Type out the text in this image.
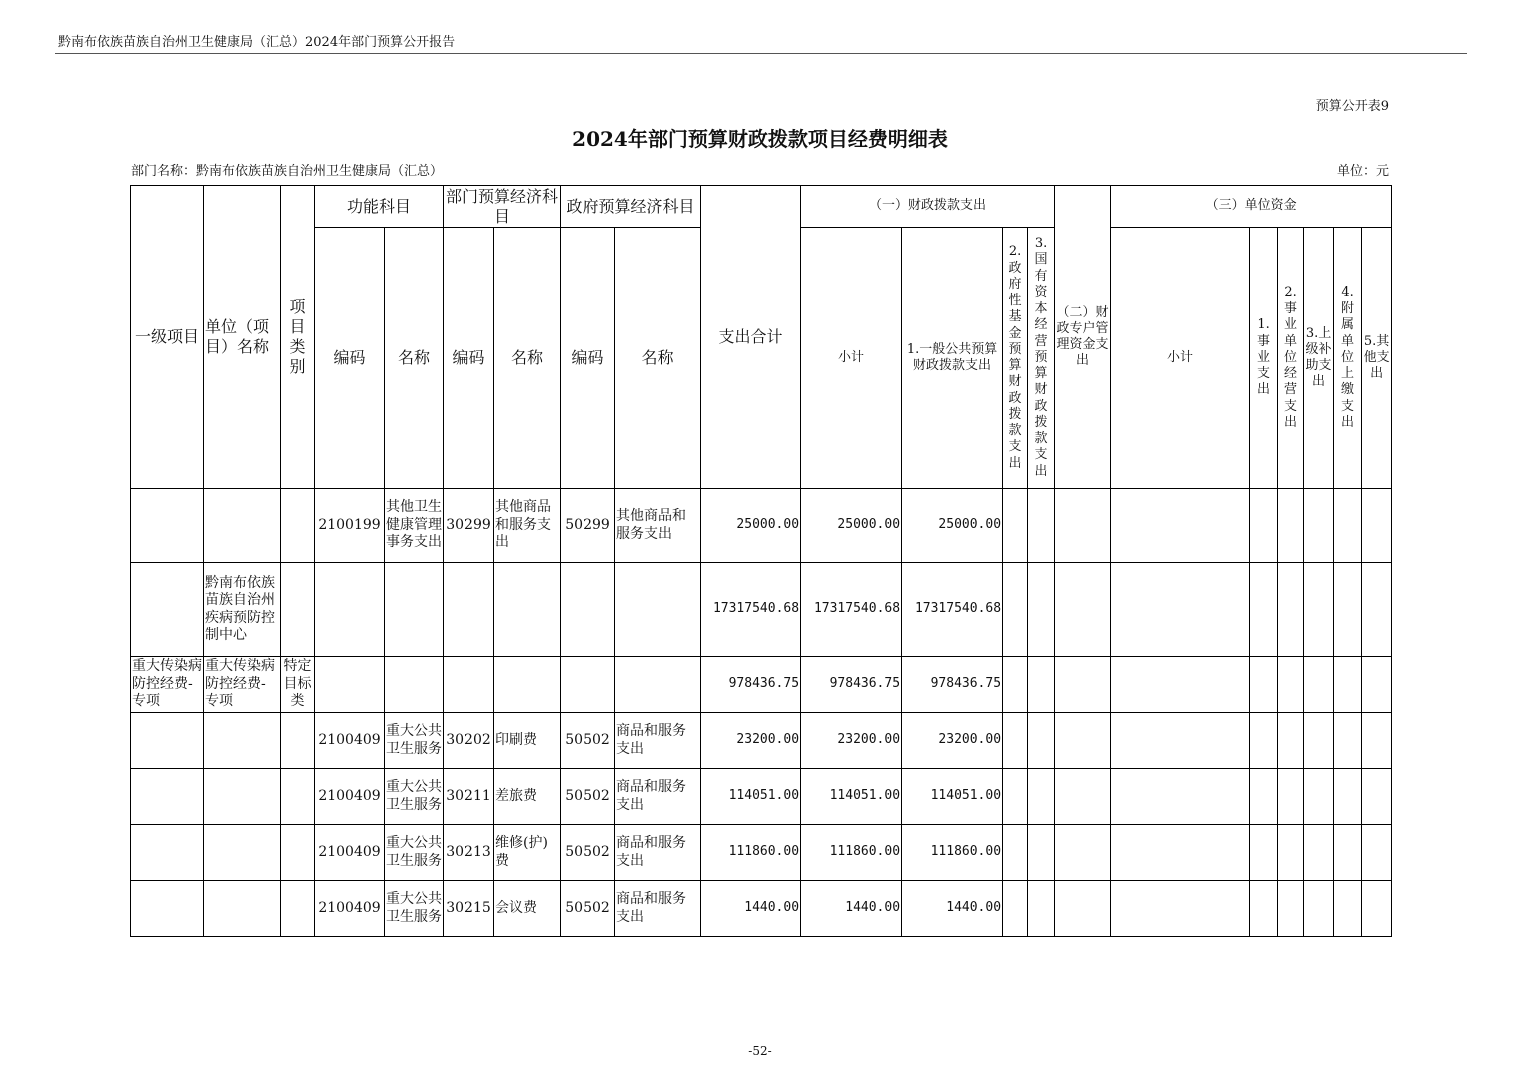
黔南布依族苗族自治州卫生健康局（汇总）2024年部门预算公开报告
预算公开表9
2024年部门预算财政拨款项目经费明细表
部门名称：黔南布依族苗族自治州卫生健康局（汇总）	单位：元
一级项目	单位（项目）名称	项目类别	功能科目		部门预算经济科目		政府预算经济科目		支出合计	（一）财政拨款支出				（二）财政专户管理资金支出	（三）单位资金					
			编码	名称	编码	名称	编码	名称		小计	1.一般公共预算财政拨款支出	2.政府性基金预算财政拨款支出	3.国有资本经营预算财政拨款支出		小计	1.事业支出	2.事业单位经营支出	3.上级补助支出	4.附属单位上缴支出	5.其他支出
			2100199	其他卫生健康管理事务支出	30299	其他商品和服务支出	50299	其他商品和服务支出	25000.00	25000.00	25000.00									
	黔南布依族苗族自治州疾病预防控制中心								17317540.68	17317540.68	17317540.68									
重大传染病防控经费-专项	重大传染病防控经费-专项	特定目标类							978436.75	978436.75	978436.75									
			2100409	重大公共卫生服务	30202	印刷费	50502	商品和服务支出	23200.00	23200.00	23200.00									
			2100409	重大公共卫生服务	30211	差旅费	50502	商品和服务支出	114051.00	114051.00	114051.00									
			2100409	重大公共卫生服务	30213	维修(护)费	50502	商品和服务支出	111860.00	111860.00	111860.00									
			2100409	重大公共卫生服务	30215	会议费	50502	商品和服务支出	1440.00	1440.00	1440.00									
-52-
